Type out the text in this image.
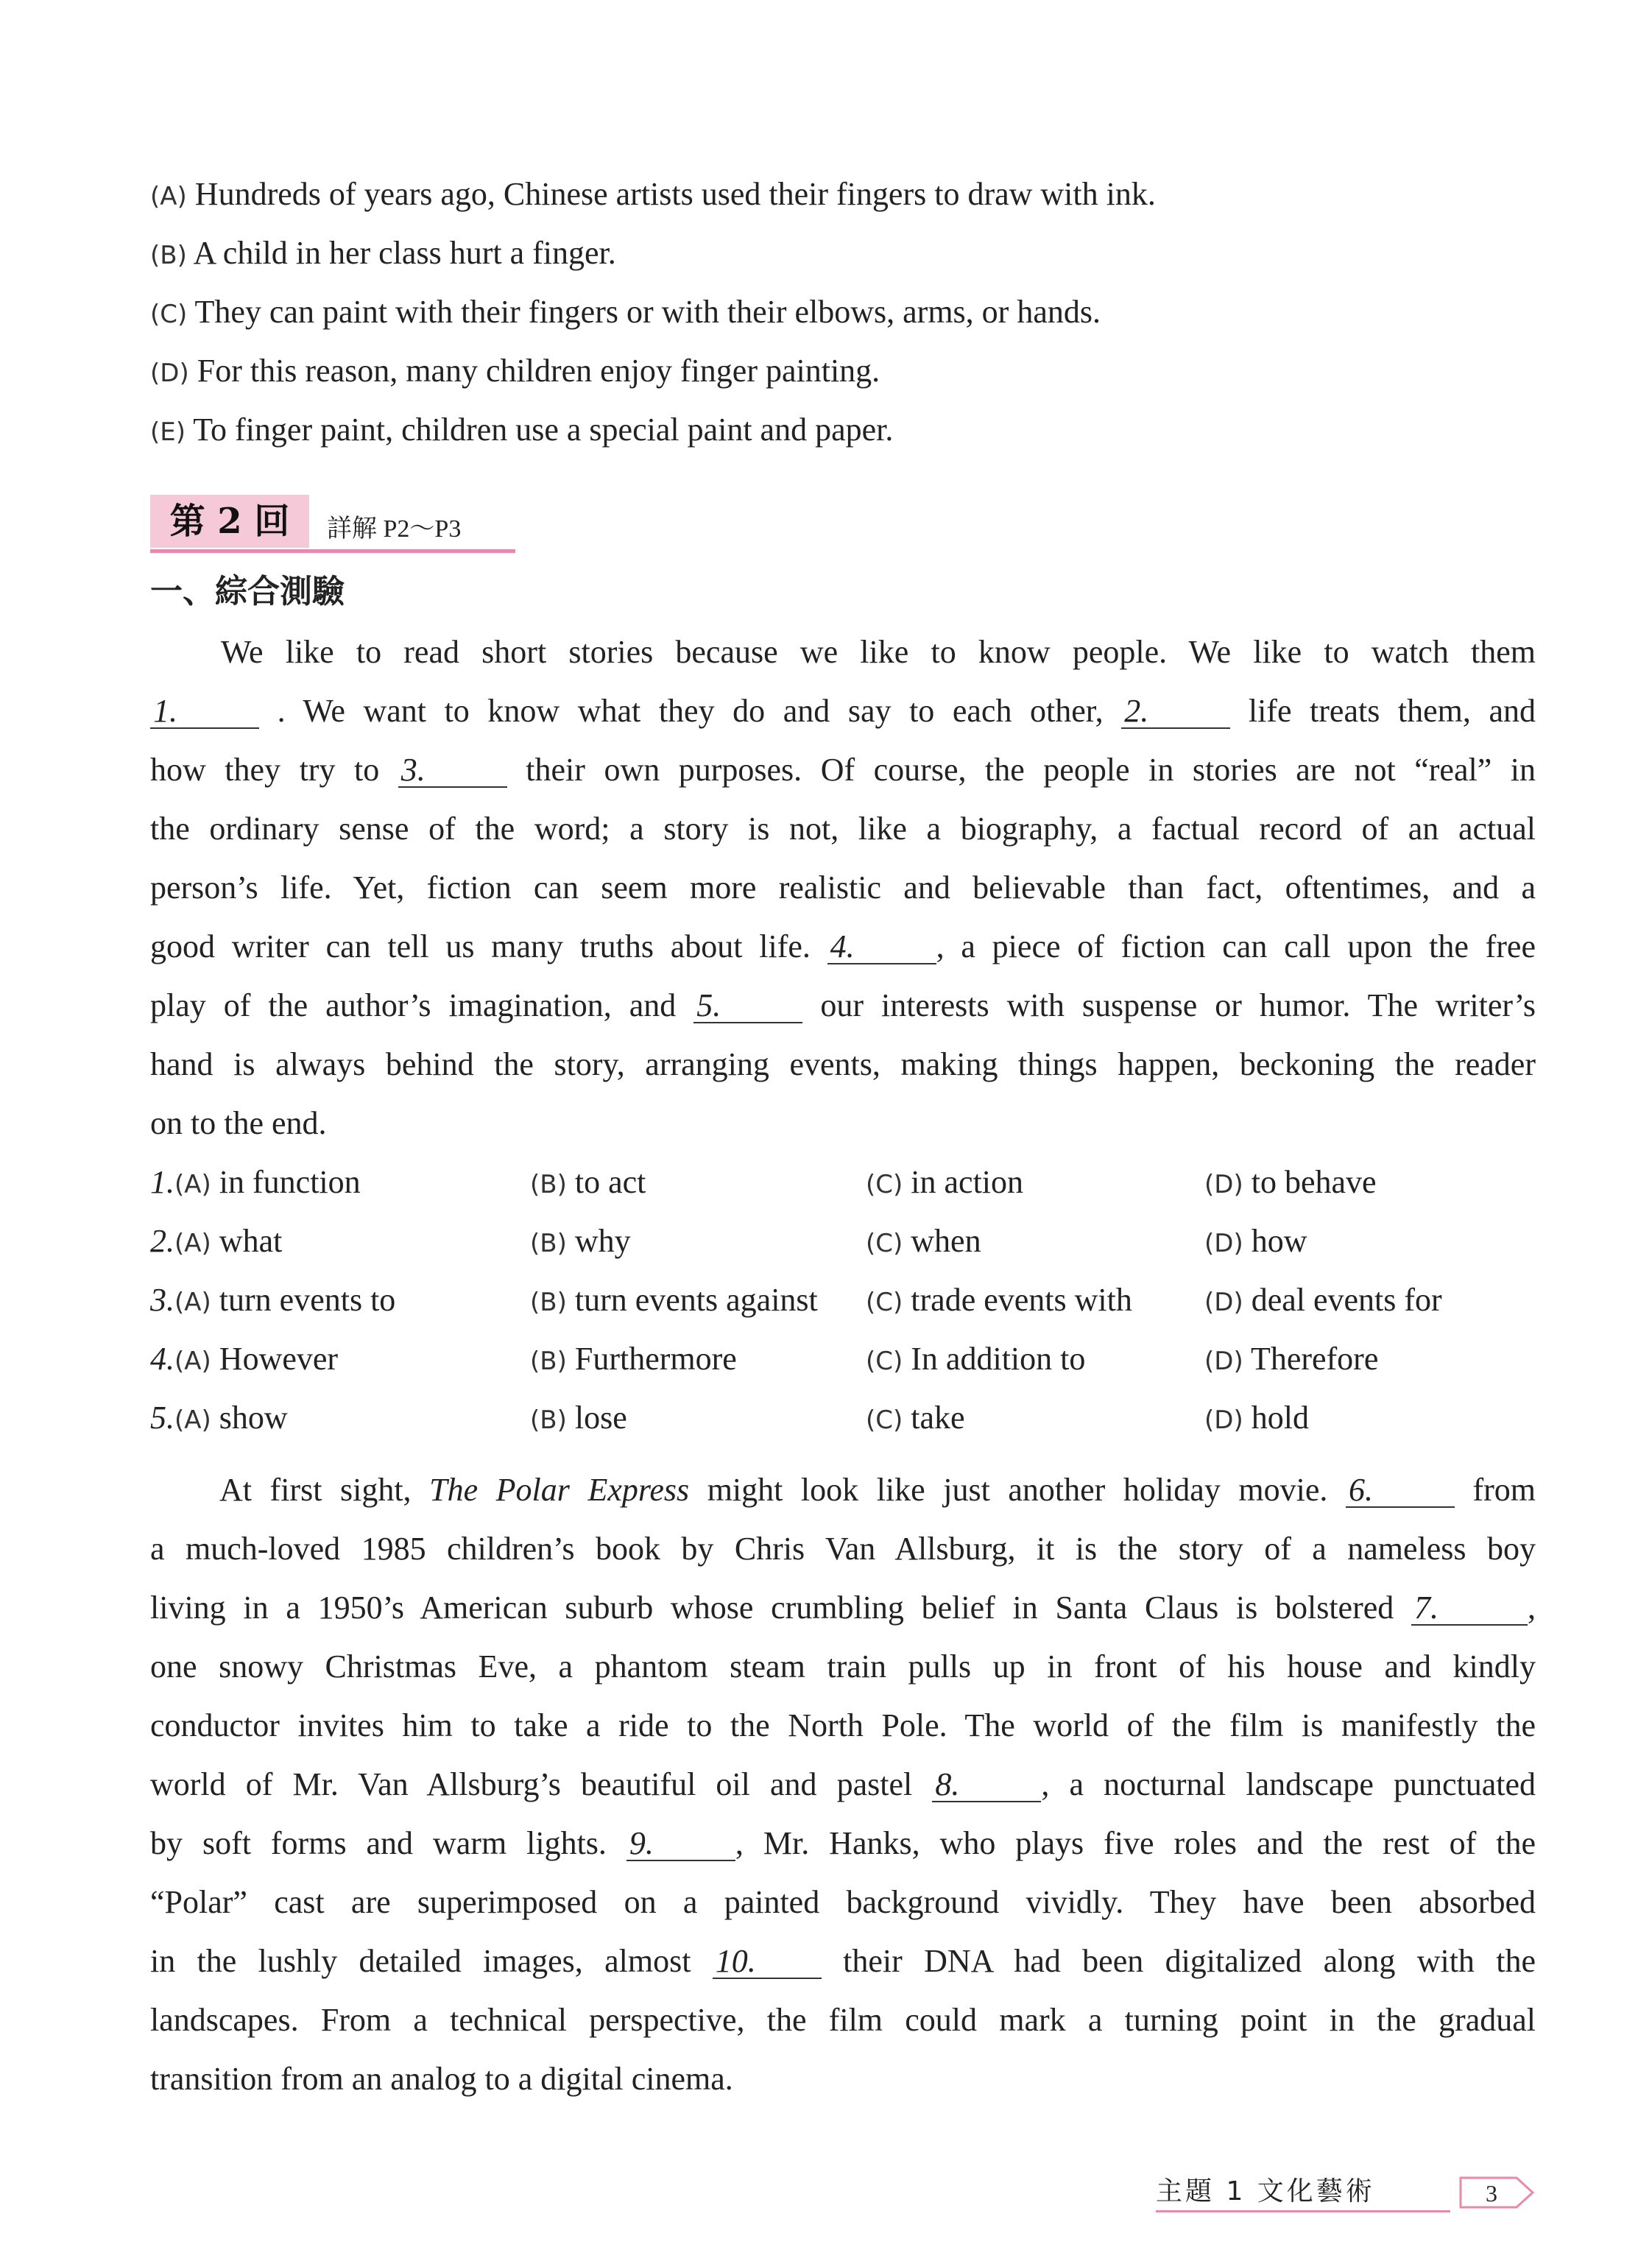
(A) Hundreds of years ago, Chinese artists used their fingers to draw with ink.
(B) A child in her class hurt a finger.
(C) They can paint with their fingers or with their elbows, arms, or hands.
(D) For this reason, many children enjoy finger painting.
(E) To finger paint, children use a special paint and paper.
第 2 回	詳解 P2～P3
一、綜合測驗
We like to read short stories because we like to know people. We like to watch them
1.	. We want to know what they do and say to each other, 2.	life treats them, and
how they try to 3.	their own purposes. Of course, the people in stories are not “real” in
the ordinary sense of the word; a story is not, like a biography, a factual record of an actual
person’s life. Yet, fiction can seem more realistic and believable than fact, oftentimes, and a
good writer can tell us many truths about life. 4.	, a piece of fiction can call upon the free
play of the author’s imagination, and 5.	our interests with suspense or humor. The writer’s
hand is always behind the story, arranging events, making things happen, beckoning the reader
on to the end.
1.(A) in function	(B) to act	(C) in action	(D) to behave
2.(A) what	(B) why	(C) when	(D) how
3.(A) turn events to	(B) turn events against (C) trade events with	(D) deal events for
4.(A) However	(B) Furthermore	(C) In addition to	(D) Therefore
5.(A) show	(B) lose	(C) take	(D) hold
At first sight, The Polar Express might look like just another holiday movie. 6.	from
a much-loved 1985 children’s book by Chris Van Allsburg, it is the story of a nameless boy
living in a 1950’s American suburb whose crumbling belief in Santa Claus is bolstered 7.	,
one snowy Christmas Eve, a phantom steam train pulls up in front of his house and kindly
conductor invites him to take a ride to the North Pole. The world of the film is manifestly the
world of Mr. Van Allsburg’s beautiful oil and pastel 8.	, a nocturnal landscape punctuated
by soft forms and warm lights. 9.	, Mr. Hanks, who plays five roles and the rest of the
“Polar” cast are superimposed on a painted background vividly. They have been absorbed
in the lushly detailed images, almost 10.	their DNA had been digitalized along with the
landscapes. From a technical perspective, the film could mark a turning point in the gradual
transition from an analog to a digital cinema.
主題 1 文化藝術	3
